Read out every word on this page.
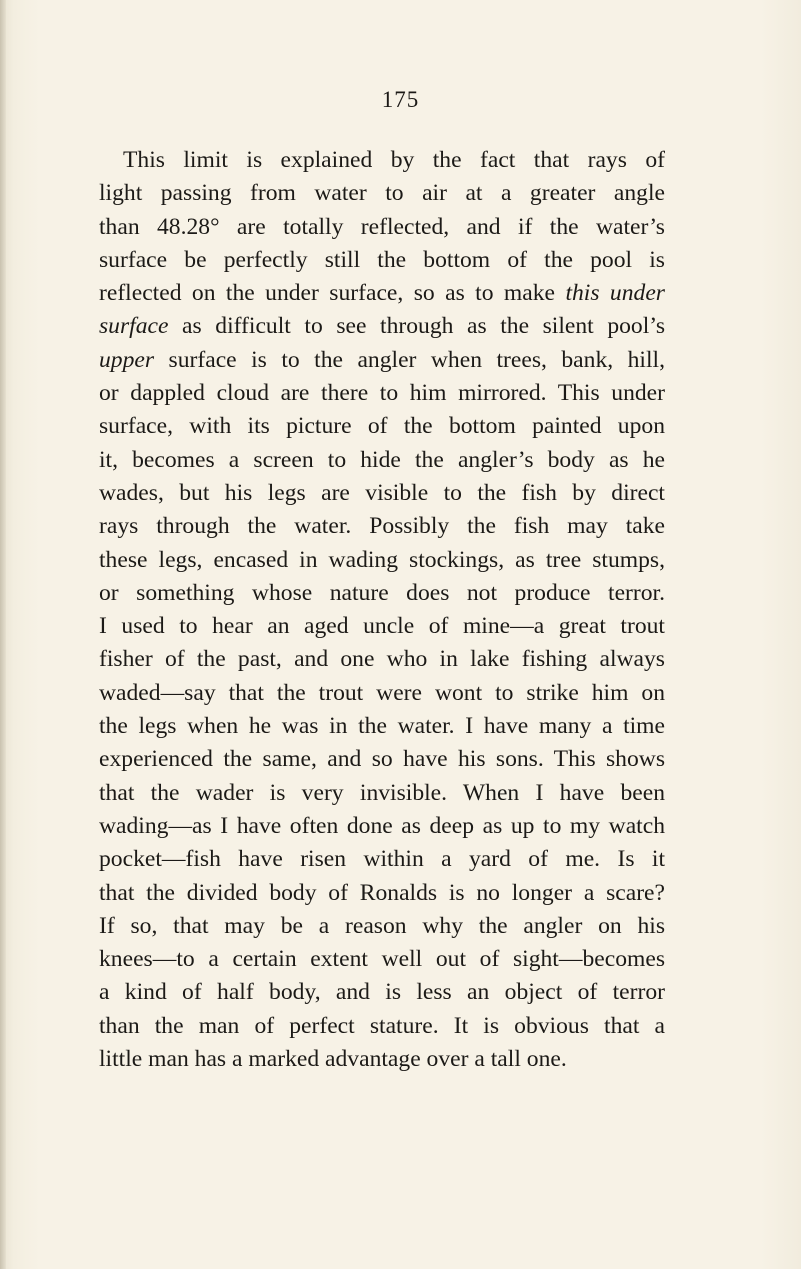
175
This limit is explained by the fact that rays of
light passing from water to air at a greater angle
than 48.28° are totally reflected, and if the water’s
surface be perfectly still the bottom of the pool is
reflected on the under surface, so as to make this under
surface as difficult to see through as the silent pool’s
upper surface is to the angler when trees, bank, hill,
or dappled cloud are there to him mirrored. This under
surface, with its picture of the bottom painted upon
it, becomes a screen to hide the angler’s body as he
wades, but his legs are visible to the fish by direct
rays through the water. Possibly the fish may take
these legs, encased in wading stockings, as tree stumps,
or something whose nature does not produce terror.
I used to hear an aged uncle of mine—a great trout
fisher of the past, and one who in lake fishing always
waded—say that the trout were wont to strike him on
the legs when he was in the water. I have many a time
experienced the same, and so have his sons. This shows
that the wader is very invisible. When I have been
wading—as I have often done as deep as up to my watch
pocket—fish have risen within a yard of me. Is it
that the divided body of Ronalds is no longer a scare?
If so, that may be a reason why the angler on his
knees—to a certain extent well out of sight—becomes
a kind of half body, and is less an object of terror
than the man of perfect stature. It is obvious that a
little man has a marked advantage over a tall one.
